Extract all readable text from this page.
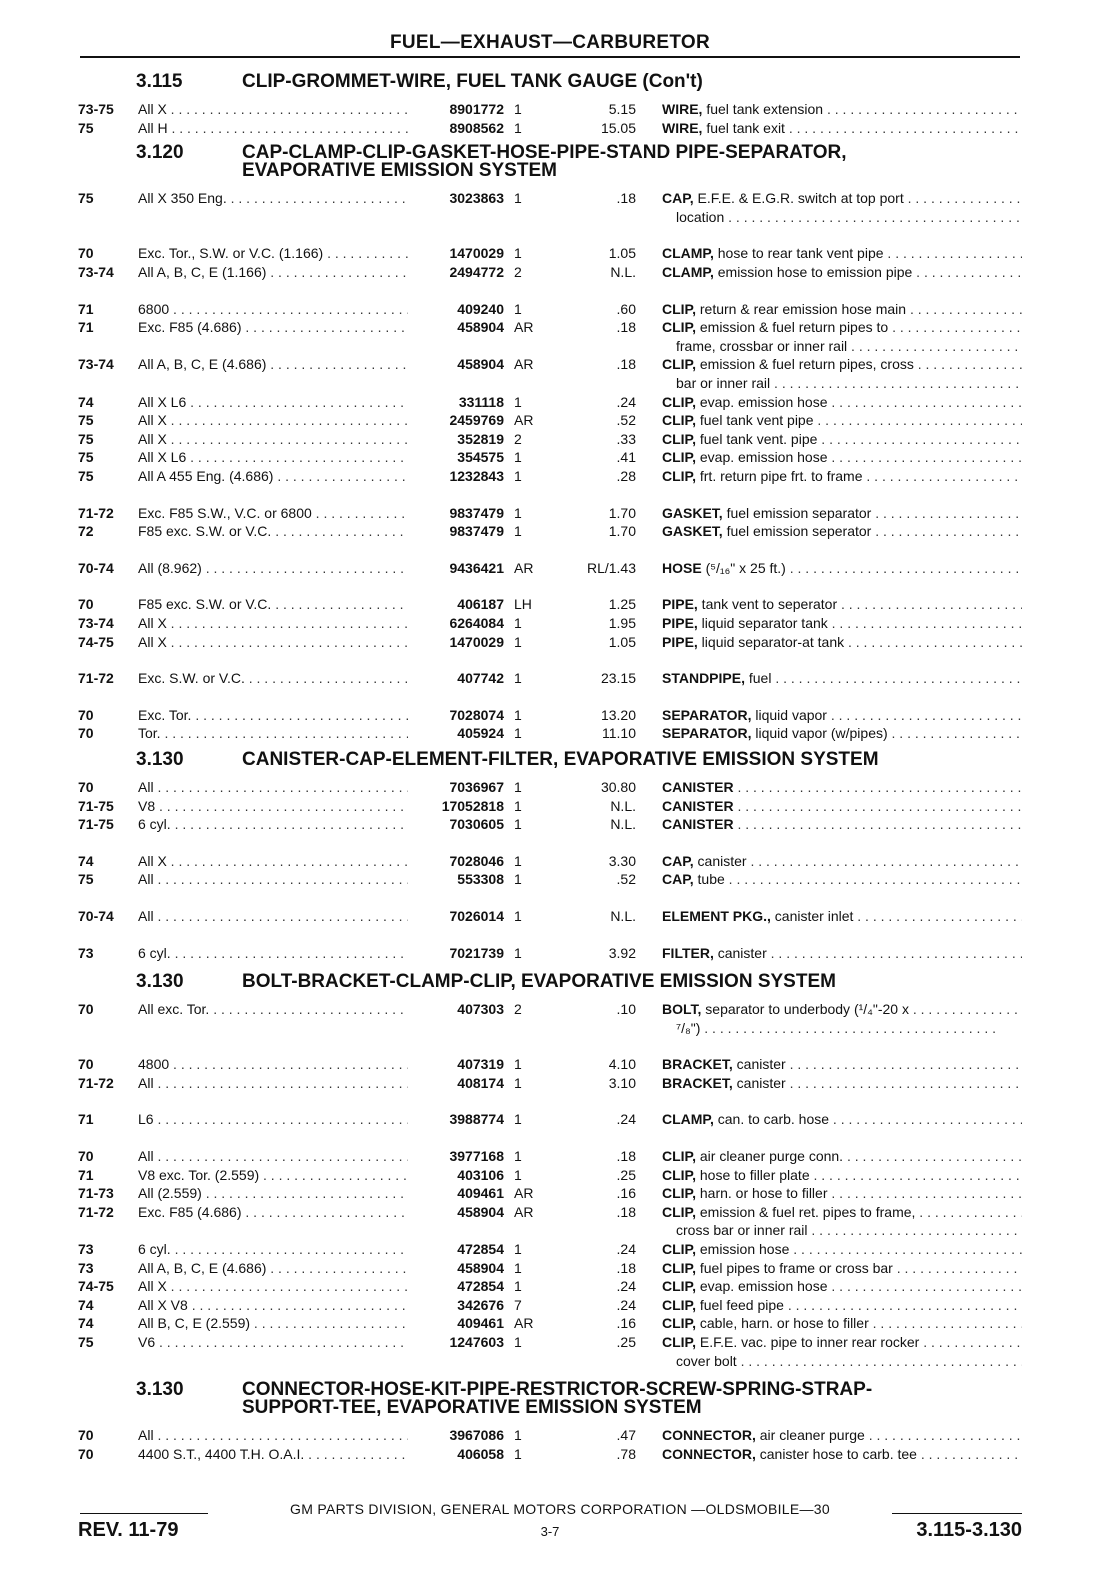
FUEL—EXHAUST—CARBURETOR
3.115	CLIP-GROMMET-WIRE, FUEL TANK GAUGE (Con't)
73-75	All X . . .	8901772 1	5.15 WIRE, fuel tank extension . . .
75	All H . . .	8908562 1	15.05 WIRE, fuel tank exit . . .
3.120	CAP-CLAMP-CLIP-GASKET-HOSE-PIPE-STAND PIPE-SEPARATOR,
EVAPORATIVE EMISSION SYSTEM
75	All X 350 Eng. . . .	3023863 1	.18 CAP, E.F.E. & E.G.R. switch at top port . . .
location . . .
70	Exc. Tor., S.W. or V.C. (1.166) . . .	1470029 1	1.05 CLAMP, hose to rear tank vent pipe . . .
73-74	All A, B, C, E (1.166) . . .	2494772 2	N.L. CLAMP, emission hose to emission pipe . . .
71	6800 . . .	409240 1	.60 CLIP, return & rear emission hose main . . .
71	Exc. F85 (4.686) . . .	458904 AR	.18 CLIP, emission & fuel return pipes to . . .
frame, crossbar or inner rail . . .
73-74	All A, B, C, E (4.686) . . .	458904 AR	.18 CLIP, emission & fuel return pipes, cross . . .
bar or inner rail . . .
74	All X L6 . . .	331118 1	.24 CLIP, evap. emission hose . . .
75	All X . . .	2459769 AR	.52 CLIP, fuel tank vent pipe . . .
75	All X . . .	352819 2	.33 CLIP, fuel tank vent. pipe . . .
75	All X L6 . . .	354575 1	.41 CLIP, evap. emission hose . . .
75	All A 455 Eng. (4.686) . . .	1232843 1	.28 CLIP, frt. return pipe frt. to frame . . .
71-72	Exc. F85 S.W., V.C. or 6800 . . .	9837479 1	1.70 GASKET, fuel emission separator . . .
72	F85 exc. S.W. or V.C. . . .	9837479 1	1.70 GASKET, fuel emission seperator . . .
70-74	All (8.962) . . .	9436421 AR	RL/1.43 HOSE (⁵/₁₆" x 25 ft.) . . .
70	F85 exc. S.W. or V.C. . . .	406187 LH	1.25 PIPE, tank vent to seperator . . .
73-74	All X . . .	6264084 1	1.95 PIPE, liquid separator tank . . .
74-75	All X . . .	1470029 1	1.05 PIPE, liquid separator-at tank . . .
71-72	Exc. S.W. or V.C. . . .	407742 1	23.15 STANDPIPE, fuel . . .
70	Exc. Tor. . . .	7028074 1	13.20 SEPARATOR, liquid vapor . . .
70	Tor. . . .	405924 1	11.10 SEPARATOR, liquid vapor (w/pipes) . . .
3.130	CANISTER-CAP-ELEMENT-FILTER, EVAPORATIVE EMISSION SYSTEM
70	All . . .	7036967 1	30.80 CANISTER . . .
71-75	V8 . . .	17052818 1	N.L. CANISTER . . .
71-75	6 cyl. . . .	7030605 1	N.L. CANISTER . . .
74	All X . . .	7028046 1	3.30 CAP, canister . . .
75	All . . .	553308 1	.52 CAP, tube . . .
70-74	All . . .	7026014 1	N.L. ELEMENT PKG., canister inlet . . .
73	6 cyl. . . .	7021739 1	3.92 FILTER, canister . . .
3.130	BOLT-BRACKET-CLAMP-CLIP, EVAPORATIVE EMISSION SYSTEM
70	All exc. Tor. . . .	407303 2	.10 BOLT, separator to underbody (¹/₄"-20 x . . .
⁷/₈") . . .
70	4800 . . .	407319 1	4.10 BRACKET, canister . . .
71-72	All . . .	408174 1	3.10 BRACKET, canister . . .
71	L6 . . .	3988774 1	.24 CLAMP, can. to carb. hose . . .
70	All . . .	3977168 1	.18 CLIP, air cleaner purge conn. . . .
71	V8 exc. Tor. (2.559) . . .	403106 1	.25 CLIP, hose to filler plate . . .
71-73	All (2.559) . . .	409461 AR	.16 CLIP, harn. or hose to filler . . .
71-72	Exc. F85 (4.686) . . .	458904 AR	.18 CLIP, emission & fuel ret. pipes to frame, . . .
cross bar or inner rail . . .
73	6 cyl. . . .	472854 1	.24 CLIP, emission hose . . .
73	All A, B, C, E (4.686) . . .	458904 1	.18 CLIP, fuel pipes to frame or cross bar . . .
74-75	All X . . .	472854 1	.24 CLIP, evap. emission hose . . .
74	All X V8 . . .	342676 7	.24 CLIP, fuel feed pipe . . .
74	All B, C, E (2.559) . . .	409461 AR	.16 CLIP, cable, harn. or hose to filler . . .
75	V6 . . .	1247603 1	.25 CLIP, E.F.E. vac. pipe to inner rear rocker . . .
cover bolt . . .
3.130	CONNECTOR-HOSE-KIT-PIPE-RESTRICTOR-SCREW-SPRING-STRAP-
SUPPORT-TEE, EVAPORATIVE EMISSION SYSTEM
70	All . . .	3967086 1	.47 CONNECTOR, air cleaner purge . . .
70	4400 S.T., 4400 T.H. O.A.I. . . .	406058 1	.78 CONNECTOR, canister hose to carb. tee . . .
GM PARTS DIVISION, GENERAL MOTORS CORPORATION —OLDSMOBILE—30
REV. 11-79	3-7	3.115-3.130
